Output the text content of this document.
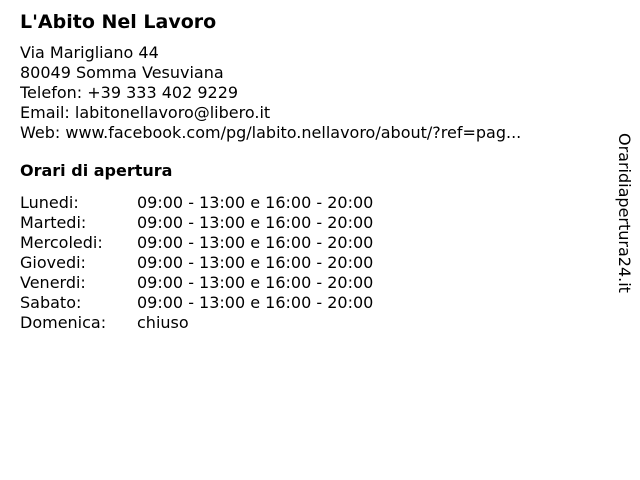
L'Abito Nel Lavoro
Via Marigliano 44
80049 Somma Vesuviana
Telefon: +39 333 402 9229
Email: labitonellavoro@libero.it
Web: www.facebook.com/pg/labito.nellavoro/about/?ref=pag...
Orari di apertura
Lunedi:	09:00 - 13:00 e 16:00 - 20:00
Martedi:	09:00 - 13:00 e 16:00 - 20:00
Mercoledi:	09:00 - 13:00 e 16:00 - 20:00
Giovedi:	09:00 - 13:00 e 16:00 - 20:00
Venerdi:	09:00 - 13:00 e 16:00 - 20:00
Sabato:	09:00 - 13:00 e 16:00 - 20:00
Domenica:	chiuso
Oraridiapertura24.it
